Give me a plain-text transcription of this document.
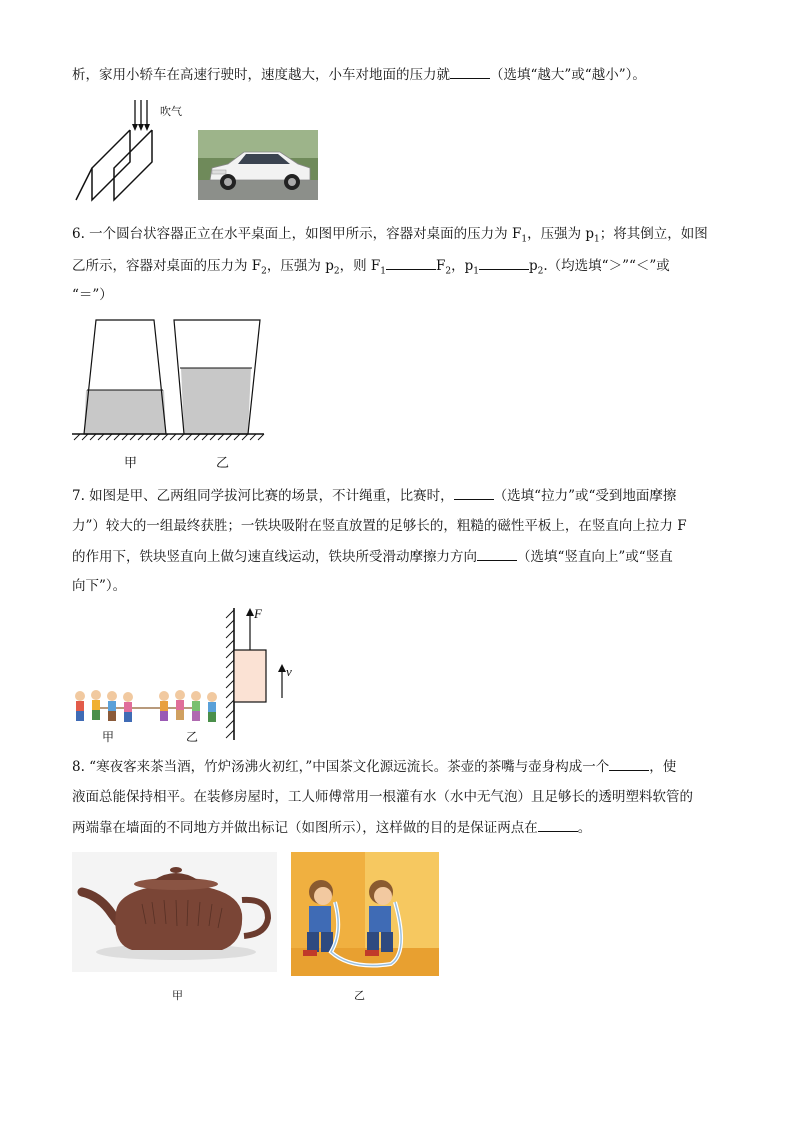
析，家用小轿车在高速行驶时，速度越大，小车对地面的压力就	（选填“越大”或“越小”）。
吹气
6. 一个圆台状容器正立在水平桌面上，如图甲所示，容器对桌面的压力为 $F_1$，压强为 $p_1$；将其倒立，如图
乙所示，容器对桌面的压力为 $F_2$，压强为 $p_2$，则 $F_1$	$F_2$，$p_1$	$p_2$.（均选填“＞”“＜”或
“＝”）
甲	乙
7. 如图是甲、乙两组同学拔河比赛的场景，不计绳重，比赛时，	（选填“拉力”或“受到地面摩擦
力”）较大的一组最终获胜；一铁块吸附在竖直放置的足够长的，粗糙的磁性平板上，在竖直向上拉力 F
的作用下，铁块竖直向上做匀速直线运动，铁块所受滑动摩擦力方向	（选填“竖直向上”或“竖直
向下”）。
甲	乙
F
v
8. “寒夜客来茶当酒，竹炉汤沸火初红，”中国茶文化源远流长。茶壶的茶嘴与壶身构成一个	，使
液面总能保持相平。在装修房屋时，工人师傅常用一根灌有水（水中无气泡）且足够长的透明塑料软管的
两端靠在墙面的不同地方并做出标记（如图所示），这样做的目的是保证两点在	。
甲	乙
